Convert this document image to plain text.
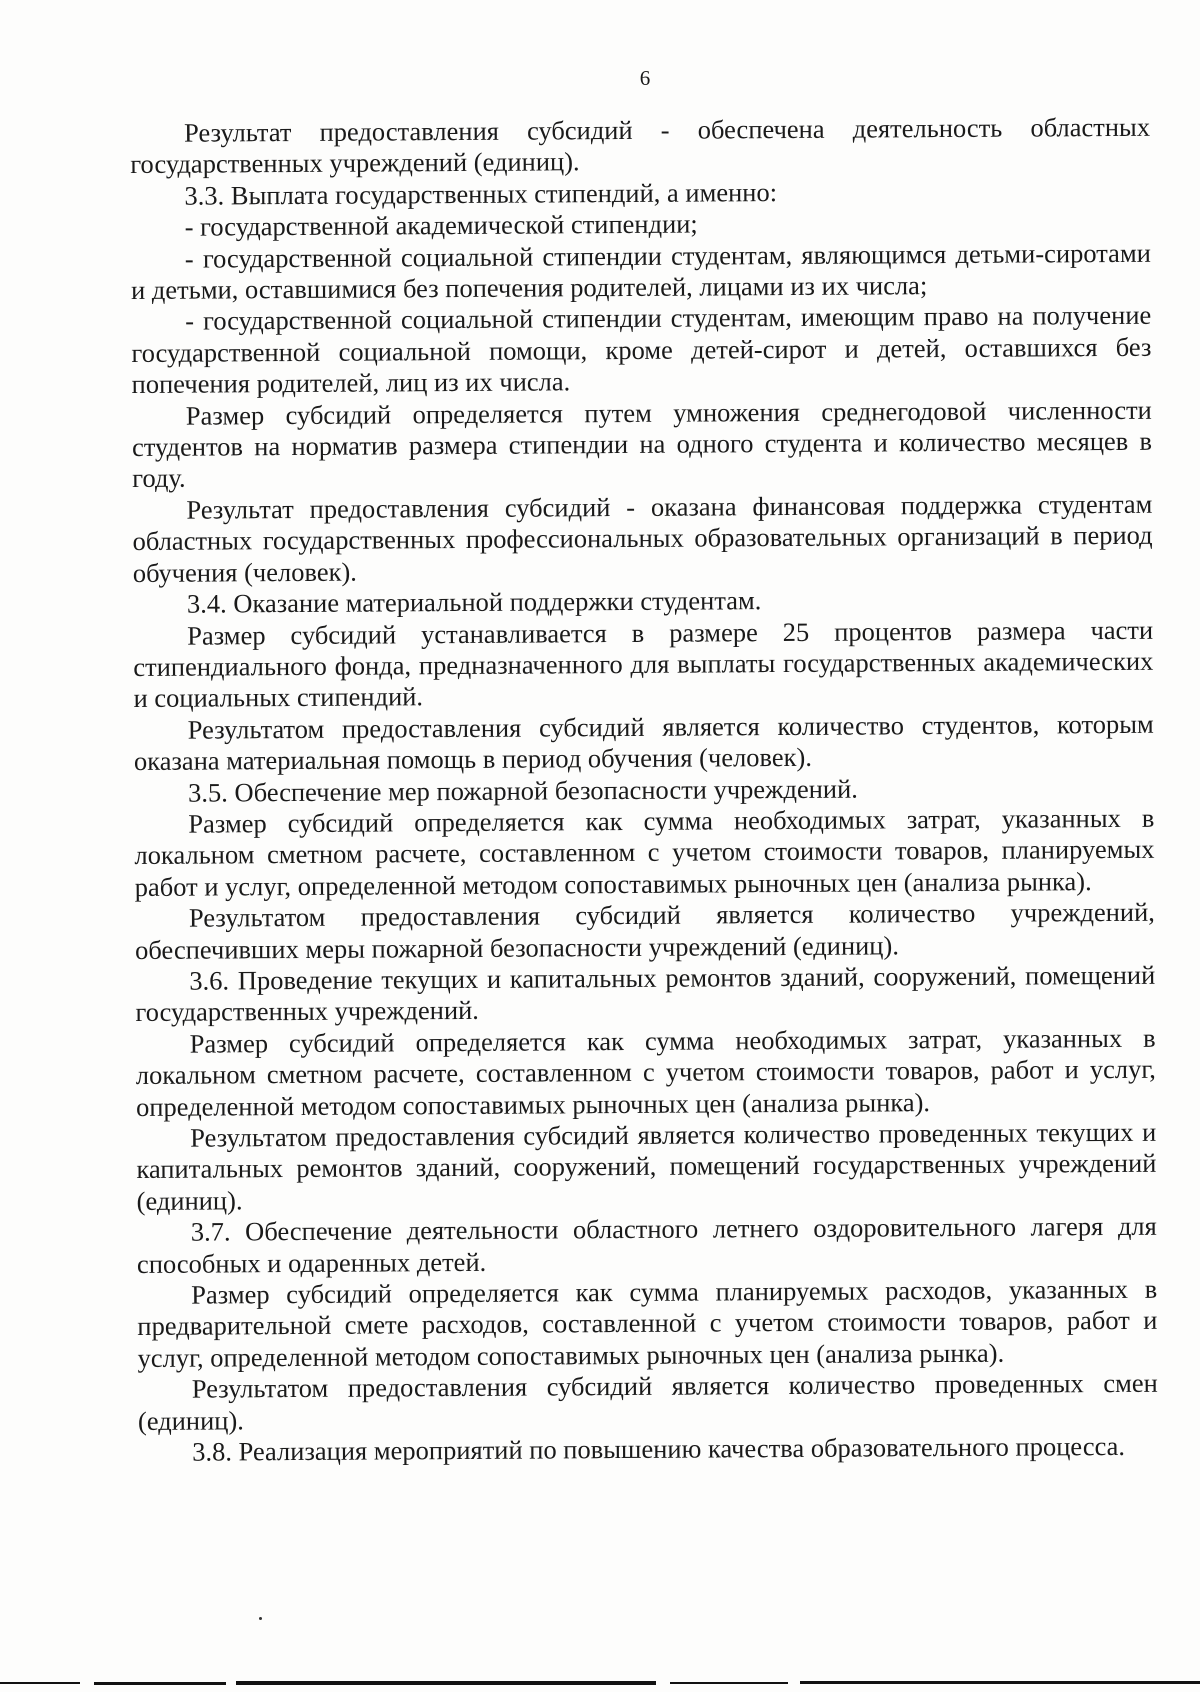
6

Результат предоставления субсидий - обеспечена деятельность областных государственных учреждений (единиц).

3.3. Выплата государственных стипендий, а именно:

- государственной академической стипендии;

- государственной социальной стипендии студентам, являющимся детьми-сиротами и детьми, оставшимися без попечения родителей, лицами из их числа;

- государственной социальной стипендии студентам, имеющим право на получение государственной социальной помощи, кроме детей-сирот и детей, оставшихся без попечения родителей, лиц из их числа.

Размер субсидий определяется путем умножения среднегодовой численности студентов на норматив размера стипендии на одного студента и количество месяцев в году.

Результат предоставления субсидий - оказана финансовая поддержка студентам областных государственных профессиональных образовательных организаций в период обучения (человек).

3.4. Оказание материальной поддержки студентам.

Размер субсидий устанавливается в размере 25 процентов размера части стипендиального фонда, предназначенного для выплаты государственных академических и социальных стипендий.

Результатом предоставления субсидий является количество студентов, которым оказана материальная помощь в период обучения (человек).

3.5. Обеспечение мер пожарной безопасности учреждений.

Размер субсидий определяется как сумма необходимых затрат, указанных в локальном сметном расчете, составленном с учетом стоимости товаров, планируемых работ и услуг, определенной методом сопоставимых рыночных цен (анализа рынка).

Результатом предоставления субсидий является количество учреждений, обеспечивших меры пожарной безопасности учреждений (единиц).

3.6. Проведение текущих и капитальных ремонтов зданий, сооружений, помещений государственных учреждений.

Размер субсидий определяется как сумма необходимых затрат, указанных в локальном сметном расчете, составленном с учетом стоимости товаров, работ и услуг, определенной методом сопоставимых рыночных цен (анализа рынка).

Результатом предоставления субсидий является количество проведенных текущих и капитальных ремонтов зданий, сооружений, помещений государственных учреждений (единиц).

3.7. Обеспечение деятельности областного летнего оздоровительного лагеря для способных и одаренных детей.

Размер субсидий определяется как сумма планируемых расходов, указанных в предварительной смете расходов, составленной с учетом стоимости товаров, работ и услуг, определенной методом сопоставимых рыночных цен (анализа рынка).

Результатом предоставления субсидий является количество проведенных смен (единиц).

3.8. Реализация мероприятий по повышению качества образовательного процесса.
